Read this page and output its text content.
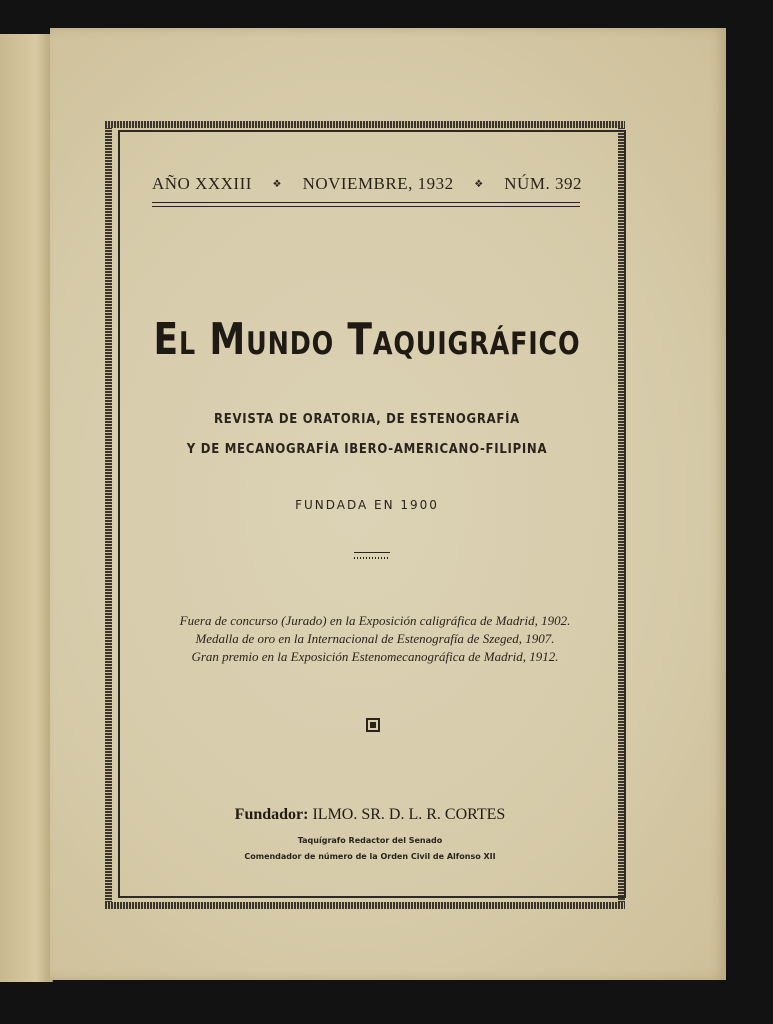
AÑO XXXIII ❖ NOVIEMBRE, 1932 ❖ NÚM. 392
El Mundo Taquigráfico
REVISTA DE ORATORIA, DE ESTENOGRAFÍA
Y DE MECANOGRAFÍA IBERO-AMERICANO-FILIPINA
FUNDADA EN 1900
Fuera de concurso (Jurado) en la Exposición caligráfica de Madrid, 1902.
Medalla de oro en la Internacional de Estenografía de Szeged, 1907.
Gran premio en la Exposición Estenomecanográfica de Madrid, 1912.
Fundador: ILMO. SR. D. L. R. CORTES
Taquígrafo Redactor del Senado
Comendador de número de la Orden Civil de Alfonso XII
